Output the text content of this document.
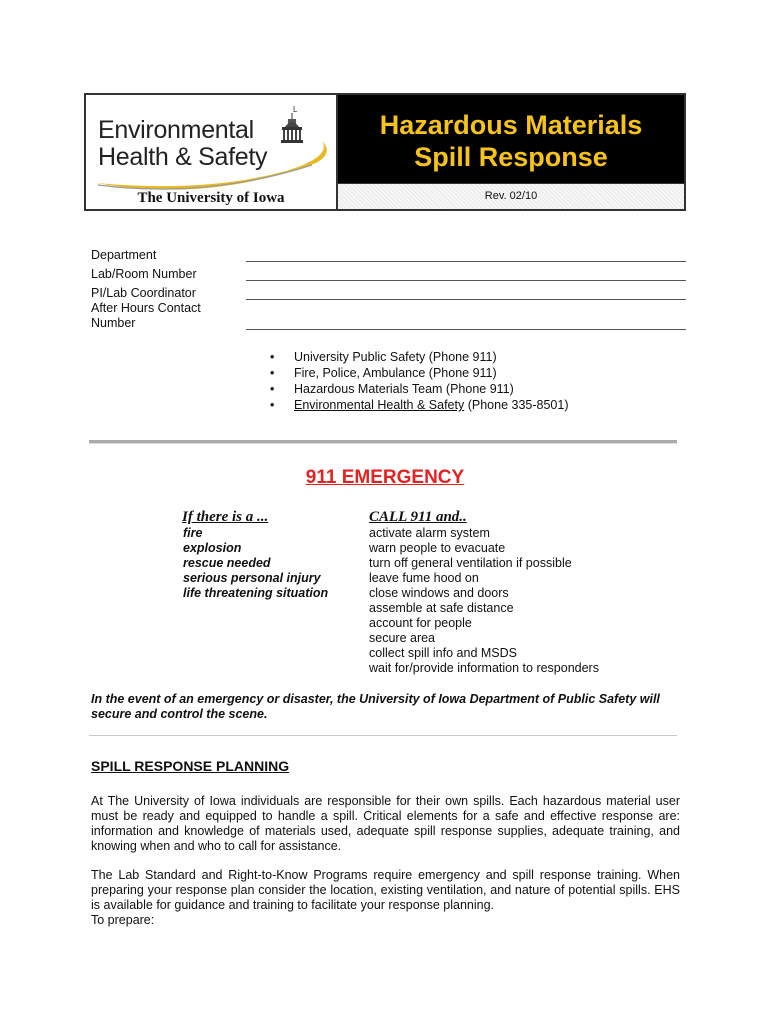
L
Environmental
Health & Safety
The University of Iowa
Hazardous Materials
Spill Response
Rev. 02/10
Department
Lab/Room Number
PI/Lab Coordinator
After Hours Contact
Number
• University Public Safety (Phone 911)
• Fire, Police, Ambulance (Phone 911)
• Hazardous Materials Team (Phone 911)
• Environmental Health & Safety (Phone 335-8501)
911 EMERGENCY
If there is a ...	CALL 911 and..
fire
explosion
rescue needed
serious personal injury
life threatening situation
activate alarm system
warn people to evacuate
turn off general ventilation if possible
leave fume hood on
close windows and doors
assemble at safe distance
account for people
secure area
collect spill info and MSDS
wait for/provide information to responders
In the event of an emergency or disaster, the University of Iowa Department of Public Safety will
secure and control the scene.
SPILL RESPONSE PLANNING

At The University of Iowa individuals are responsible for their own spills. Each hazardous material user must be ready and equipped to handle a spill. Critical elements for a safe and effective response are: information and knowledge of materials used, adequate spill response supplies, adequate training, and knowing when and who to call for assistance.

The Lab Standard and Right-to-Know Programs require emergency and spill response training. When preparing your response plan consider the location, existing ventilation, and nature of potential spills. EHS is available for guidance and training to facilitate your response planning.

To prepare:
